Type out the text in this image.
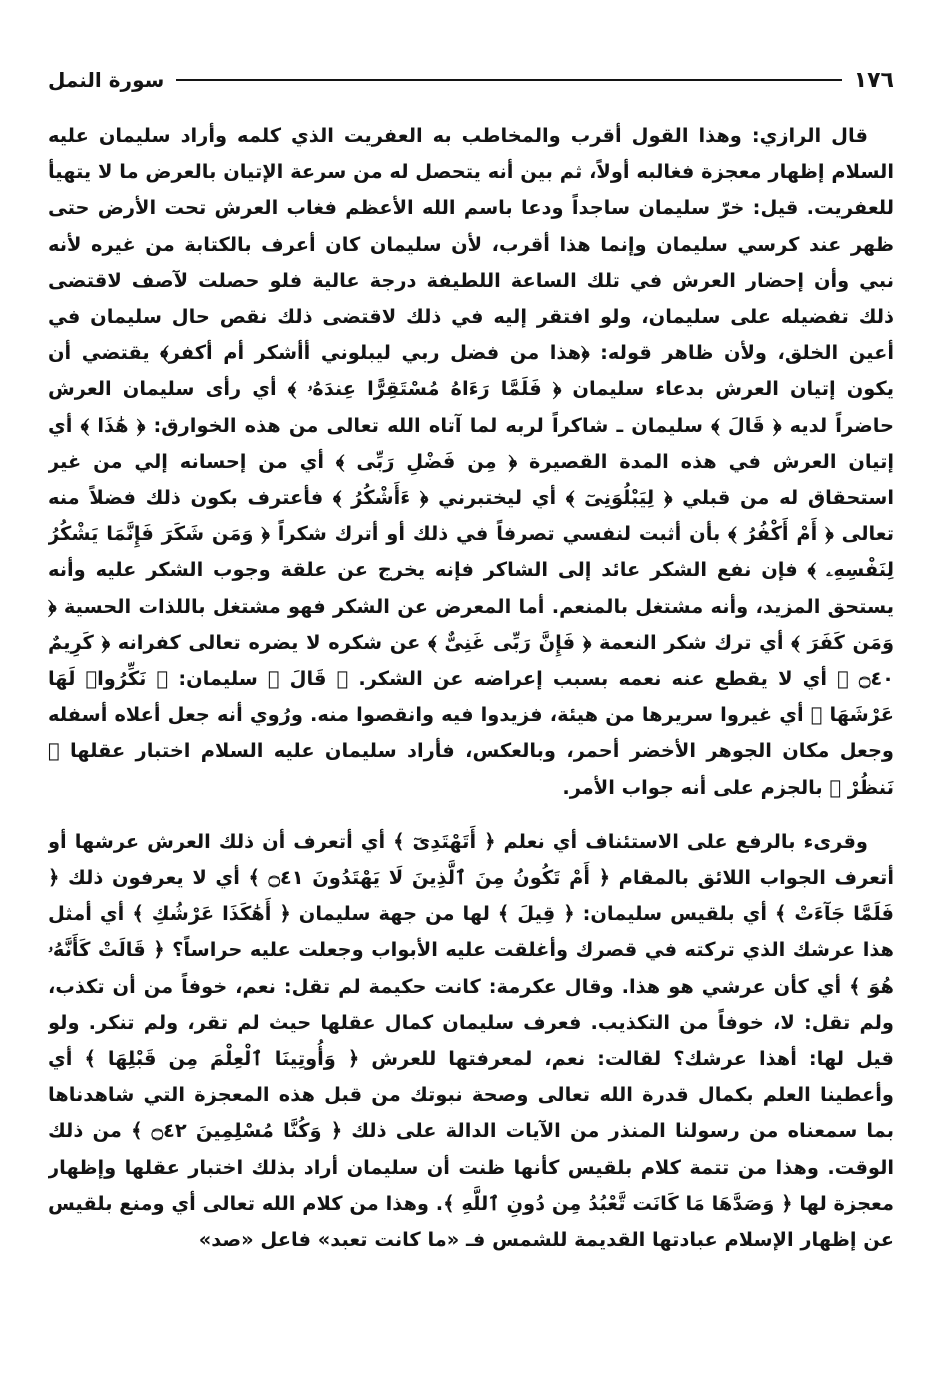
١٧٦
سورة النمل

قال الرازي: وهذا القول أقرب والمخاطب به العفريت الذي كلمه وأراد سليمان عليه السلام إظهار معجزة فغالبه أولاً، ثم بين أنه يتحصل له من سرعة الإتيان بالعرض ما لا يتهيأ للعفريت. قيل: خرّ سليمان ساجداً ودعا باسم الله الأعظم فغاب العرش تحت الأرض حتى ظهر عند كرسي سليمان وإنما هذا أقرب، لأن سليمان كان أعرف بالكتابة من غيره لأنه نبي وأن إحضار العرش في تلك الساعة اللطيفة درجة عالية فلو حصلت لآصف لاقتضى ذلك تفضيله على سليمان، ولو افتقر إليه في ذلك لاقتضى ذلك نقص حال سليمان في أعين الخلق، ولأن ظاهر قوله: ﴿هذا من فضل ربي ليبلوني أأشكر أم أكفر﴾ يقتضي أن يكون إتيان العرش بدعاء سليمان ﴿ فَلَمَّا رَءَاهُ مُسْتَقِرًّا عِندَهُۥ ﴾ أي رأى سليمان العرش حاضراً لديه ﴿ قَالَ ﴾ سليمان ـ شاكراً لربه لما آتاه الله تعالى من هذه الخوارق: ﴿ هَٰذَا ﴾ أي إتيان العرش في هذه المدة القصيرة ﴿ مِن فَضْلِ رَبِّى ﴾ أي من إحسانه إلي من غير استحقاق له من قبلي ﴿ لِيَبْلُوَنِىٓ ﴾ أي ليختبرني ﴿ ءَأَشْكُرُ ﴾ فأعترف بكون ذلك فضلاً منه تعالى ﴿ أَمْ أَكْفُرُ ﴾ بأن أثبت لنفسي تصرفاً في ذلك أو أترك شكراً ﴿ وَمَن شَكَرَ فَإِنَّمَا يَشْكُرُ لِنَفْسِهِۦ ﴾ فإن نفع الشكر عائد إلى الشاكر فإنه يخرج عن علقة وجوب الشكر عليه وأنه يستحق المزيد، وأنه مشتغل بالمنعم. أما المعرض عن الشكر فهو مشتغل باللذات الحسية ﴿ وَمَن كَفَرَ ﴾ أي ترك شكر النعمة ﴿ فَإِنَّ رَبِّى غَنِىٌّ ﴾ عن شكره لا يضره تعالى كفرانه ﴿ كَرِيمٌ ۝٤٠ ﴾ أي لا يقطع عنه نعمه بسبب إعراضه عن الشكر. ﴿ قَالَ ﴾ سليمان: ﴿ نَكِّرُوا۟ لَهَا عَرْشَهَا ﴾ أي غيروا سريرها من هيئة، فزيدوا فيه وانقصوا منه. ورُوي أنه جعل أعلاه أسفله وجعل مكان الجوهر الأخضر أحمر، وبالعكس، فأراد سليمان عليه السلام اختبار عقلها ﴿ نَنظُرْ ﴾ بالجزم على أنه جواب الأمر.

وقرىء بالرفع على الاستئناف أي نعلم ﴿ أَتَهْتَدِىٓ ﴾ أي أتعرف أن ذلك العرش عرشها أو أتعرف الجواب اللائق بالمقام ﴿ أَمْ تَكُونُ مِنَ ٱلَّذِينَ لَا يَهْتَدُونَ ۝٤١ ﴾ أي لا يعرفون ذلك ﴿ فَلَمَّا جَآءَتْ ﴾ أي بلقيس سليمان: ﴿ قِيلَ ﴾ لها من جهة سليمان ﴿ أَهَٰكَذَا عَرْشُكِ ﴾ أي أمثل هذا عرشك الذي تركته في قصرك وأغلقت عليه الأبواب وجعلت عليه حراساً؟ ﴿ قَالَتْ كَأَنَّهُۥ هُوَ ﴾ أي كأن عرشي هو هذا. وقال عكرمة: كانت حكيمة لم تقل: نعم، خوفاً من أن تكذب، ولم تقل: لا، خوفاً من التكذيب. فعرف سليمان كمال عقلها حيث لم تقر، ولم تنكر. ولو قيل لها: أهذا عرشك؟ لقالت: نعم، لمعرفتها للعرش ﴿ وَأُوتِينَا ٱلْعِلْمَ مِن قَبْلِهَا ﴾ أي وأعطينا العلم بكمال قدرة الله تعالى وصحة نبوتك من قبل هذه المعجزة التي شاهدناها بما سمعناه من رسولنا المنذر من الآيات الدالة على ذلك ﴿ وَكُنَّا مُسْلِمِينَ ۝٤٢ ﴾ من ذلك الوقت. وهذا من تتمة كلام بلقيس كأنها ظنت أن سليمان أراد بذلك اختبار عقلها وإظهار معجزة لها ﴿ وَصَدَّهَا مَا كَانَت تَّعْبُدُ مِن دُونِ ٱللَّهِ ﴾. وهذا من كلام الله تعالى أي ومنع بلقيس عن إظهار الإسلام عبادتها القديمة للشمس فـ «ما كانت تعبد» فاعل «صد»
